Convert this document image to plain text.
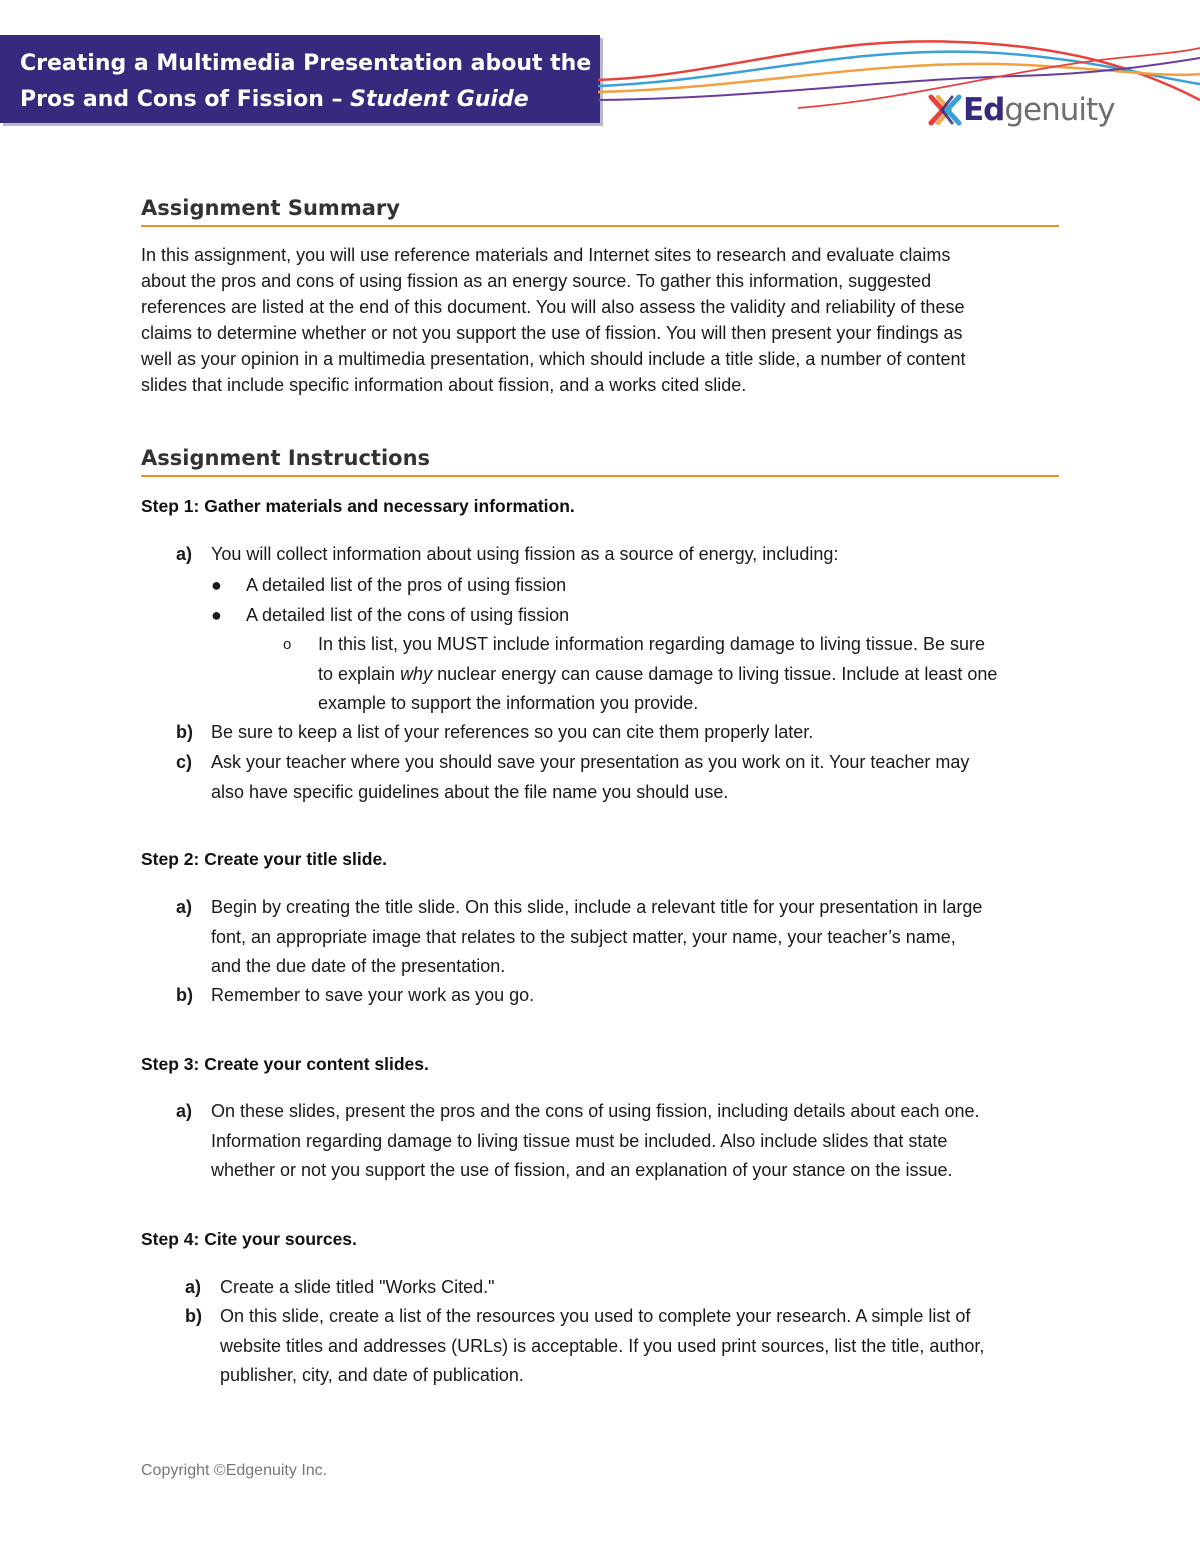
Creating a Multimedia Presentation about the
Pros and Cons of Fission – Student Guide	Edgenuity
Assignment Summary
In this assignment, you will use reference materials and Internet sites to research and evaluate claims
about the pros and cons of using fission as an energy source. To gather this information, suggested
references are listed at the end of this document. You will also assess the validity and reliability of these
claims to determine whether or not you support the use of fission. You will then present your findings as
well as your opinion in a multimedia presentation, which should include a title slide, a number of content
slides that include specific information about fission, and a works cited slide.
Assignment Instructions
Step 1: Gather materials and necessary information.
a) You will collect information about using fission as a source of energy, including:
● A detailed list of the pros of using fission
● A detailed list of the cons of using fission
o In this list, you MUST include information regarding damage to living tissue. Be sure
to explain why nuclear energy can cause damage to living tissue. Include at least one
example to support the information you provide.
b) Be sure to keep a list of your references so you can cite them properly later.
c) Ask your teacher where you should save your presentation as you work on it. Your teacher may
also have specific guidelines about the file name you should use.
Step 2: Create your title slide.
a) Begin by creating the title slide. On this slide, include a relevant title for your presentation in large
font, an appropriate image that relates to the subject matter, your name, your teacher’s name,
and the due date of the presentation.
b) Remember to save your work as you go.
Step 3: Create your content slides.
a) On these slides, present the pros and the cons of using fission, including details about each one.
Information regarding damage to living tissue must be included. Also include slides that state
whether or not you support the use of fission, and an explanation of your stance on the issue.
Step 4: Cite your sources.
a) Create a slide titled "Works Cited."
b) On this slide, create a list of the resources you used to complete your research. A simple list of
website titles and addresses (URLs) is acceptable. If you used print sources, list the title, author,
publisher, city, and date of publication.
Copyright ©Edgenuity Inc.
